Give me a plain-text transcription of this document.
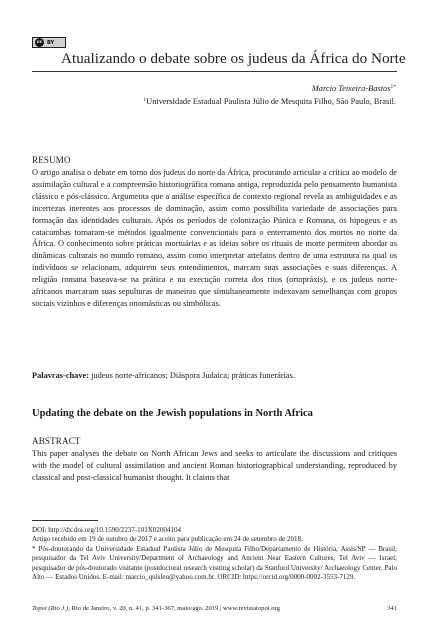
cc BY
Atualizando o debate sobre os judeus da África do Norte
Marcio Teixeira-Bastos$^{1*}$
$^1$Universidade Estadual Paulista Júlio de Mesquita Filho, São Paulo, Brasil.
RESUMO
O artigo analisa o debate em torno dos judeus do norte da África, procurando articular a crítica ao modelo de assimilação cultural e a compreensão historiográfica romana antiga, reproduzida pelo pensamento humanista clássico e pós-clássico. Argumenta que a análise específica de contexto regional revela as ambiguidades e as incertezas inerentes aos processos de dominação, assim como possibilita variedade de associações para formação das identidades culturais. Após os períodos de colonização Púnica e Romana, os hipogeus e as catacumbas tornaram-se métodos igualmente convencionais para o enterramento dos mortos no norte da África. O conhecimento sobre práticas mortuárias e as ideias sobre os rituais de morte permitem abordar as dinâmicas culturais no mundo romano, assim como interpretar artefatos dentro de uma estrutura na qual os indivíduos se relacionam, adquirem seus entendimentos, marcam suas associações e suas diferenças. A religião romana baseava-se na prática e na execução correta dos ritos (ortopráxis), e os judeus norte-africanos marcaram suas sepulturas de maneiras que simultaneamente indexavam semelhanças com grupos sociais vizinhos e diferenças onomásticas ou simbólicas.
Palavras-chave: judeus norte-africanos; Diáspora Judaica; práticas funerárias.
Updating the debate on the Jewish populations in North Africa
ABSTRACT
This paper analyses the debate on North African Jews and seeks to articulate the discussions and critiques with the model of cultural assimilation and ancient Roman historiographical understanding, reproduced by classical and post-classical humanist thought. It claims that

DOI: http://dx.doi.org/10.1590/2237-101X02004104

Artigo recebido em 19 de outubro de 2017 e aceito para publicação em 24 de setembro de 2018.

* Pós-doutorando da Universidade Estadual Paulista Júlio de Mesquita Filho/Departamento de História, Assis/SP — Brasil; pesquisador da Tel Aviv University/Department of Archaeology and Ancient Near Eastern Cultures, Tel Aviv — Israel; pesquisador de pós-doutorado visitante (postdoctoral research visiting scholar) da Stanford University/ Archaeology Center, Palo Alto — Estados Unidos. E-mail: marcio_quisleu@yahoo.com.br. ORCID: https://orcid.org/0000-0002-3553-7129.

Topoi (Rio J.), Rio de Janeiro, v. 20, n. 41, p. 341-367, maio/ago. 2019 | www.revistatopoi.org	341
